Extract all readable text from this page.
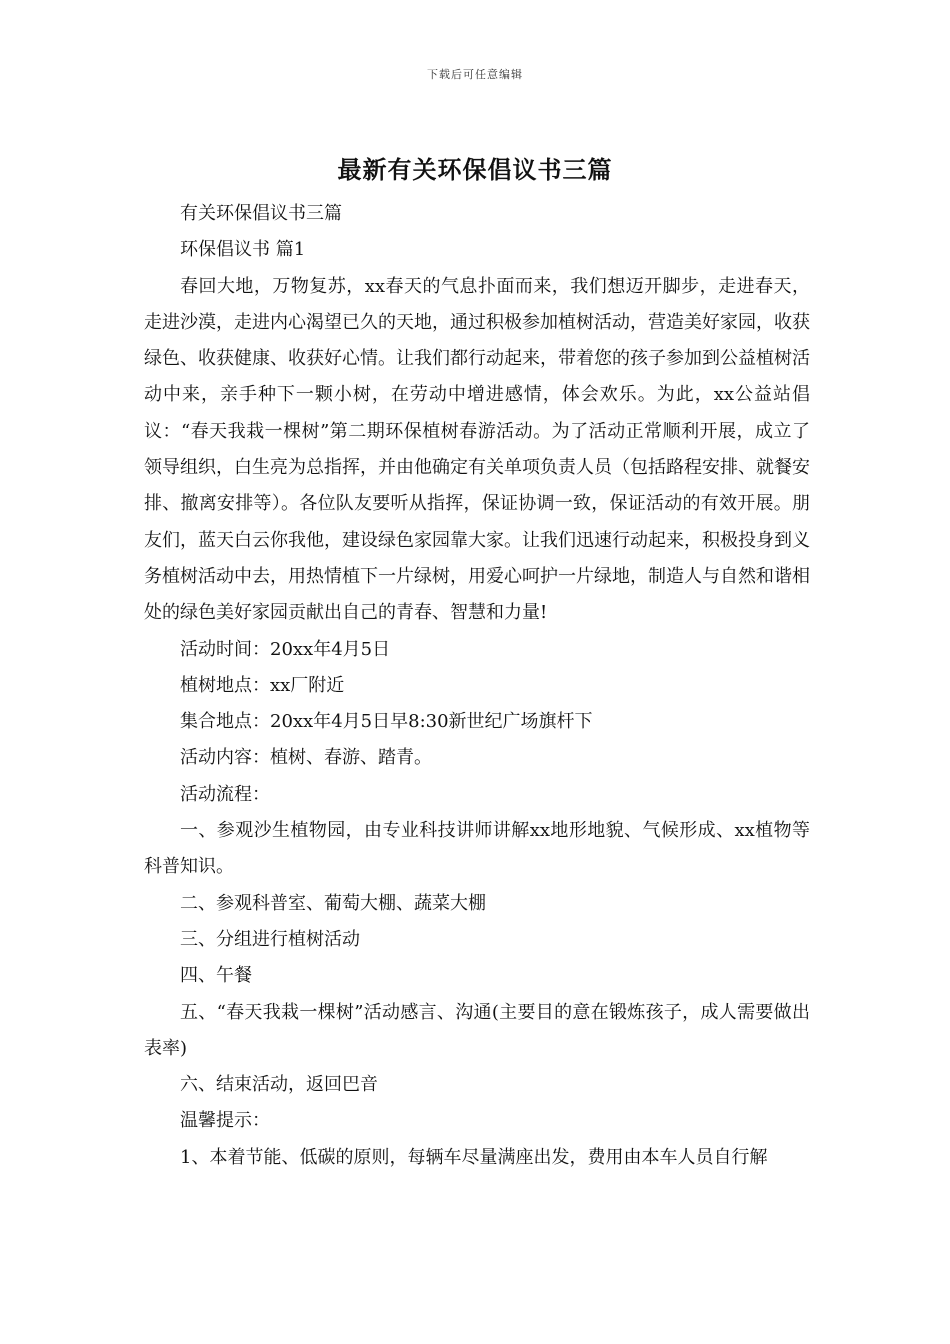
下载后可任意编辑
最新有关环保倡议书三篇

有关环保倡议书三篇

环保倡议书 篇1

春回大地，万物复苏，xx春天的气息扑面而来，我们想迈开脚步，走进春天，走进沙漠，走进内心渴望已久的天地，通过积极参加植树活动，营造美好家园，收获绿色、收获健康、收获好心情。让我们都行动起来，带着您的孩子参加到公益植树活动中来，亲手种下一颗小树，在劳动中增进感情，体会欢乐。为此，xx公益站倡议：“春天我栽一棵树”第二期环保植树春游活动。为了活动正常顺利开展，成立了领导组织，白生亮为总指挥，并由他确定有关单项负责人员（包括路程安排、就餐安排、撤离安排等）。各位队友要听从指挥，保证协调一致，保证活动的有效开展。朋友们，蓝天白云你我他，建设绿色家园靠大家。让我们迅速行动起来，积极投身到义务植树活动中去，用热情植下一片绿树，用爱心呵护一片绿地，制造人与自然和谐相处的绿色美好家园贡献出自己的青春、智慧和力量!

活动时间：20xx年4月5日

植树地点：xx厂附近

集合地点：20xx年4月5日早8:30新世纪广场旗杆下

活动内容：植树、春游、踏青。

活动流程：

一、参观沙生植物园，由专业科技讲师讲解xx地形地貌、气候形成、xx植物等科普知识。

二、参观科普室、葡萄大棚、蔬菜大棚

三、分组进行植树活动

四、午餐

五、“春天我栽一棵树”活动感言、沟通(主要目的意在锻炼孩子，成人需要做出表率)

六、结束活动，返回巴音

温馨提示：

1、本着节能、低碳的原则，每辆车尽量满座出发，费用由本车人员自行解
